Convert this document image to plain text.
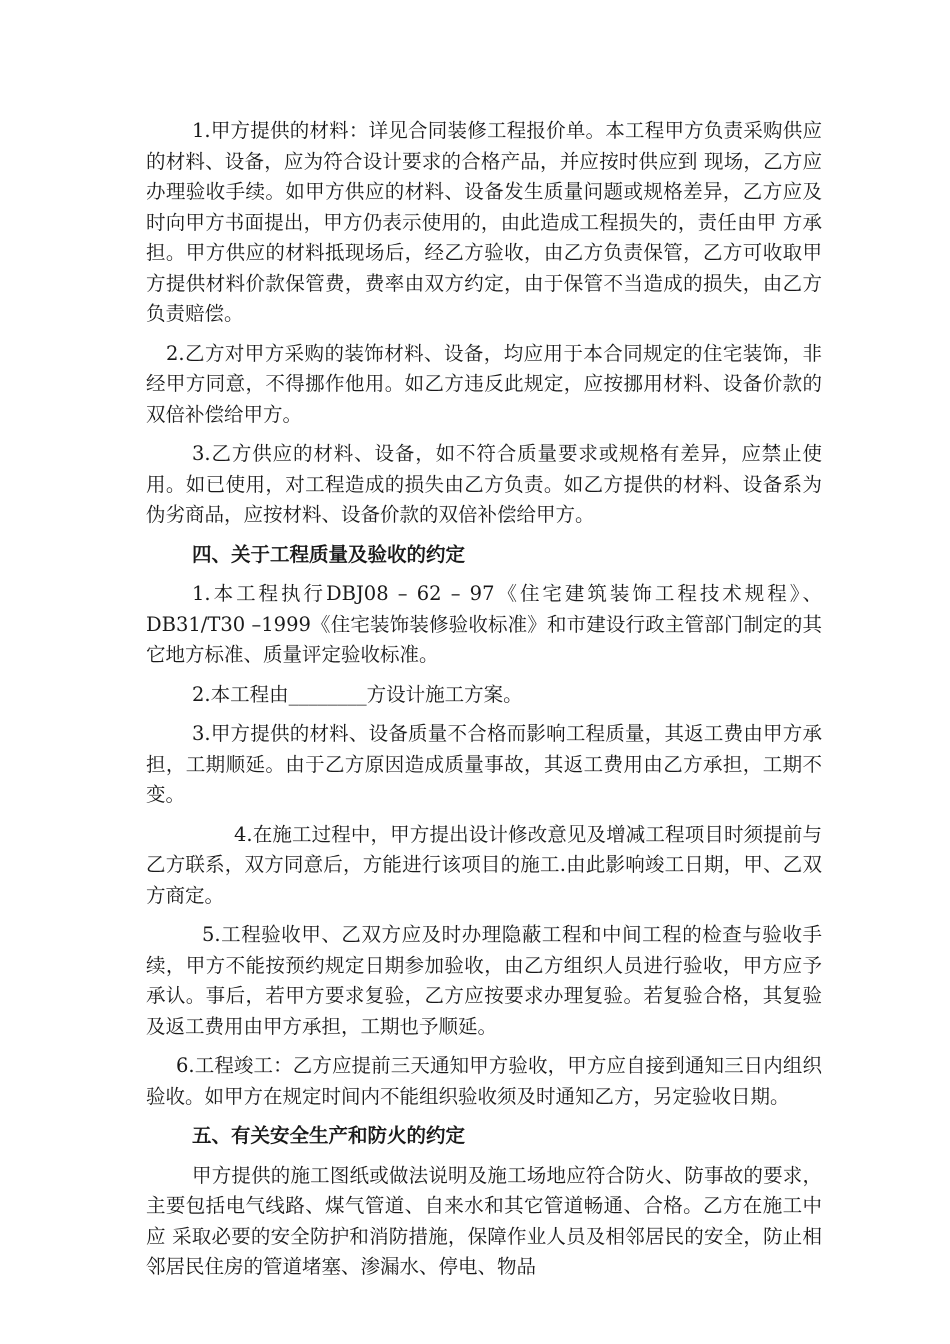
1.甲方提供的材料：详见合同装修工程报价单。本工程甲方负责采购供应的材料、设备，应为符合设计要求的合格产品，并应按时供应到 现场，乙方应办理验收手续。如甲方供应的材料、设备发生质量问题或规格差异，乙方应及时向甲方书面提出，甲方仍表示使用的，由此造成工程损失的，责任由甲 方承担。甲方供应的材料抵现场后，经乙方验收，由乙方负责保管，乙方可收取甲方提供材料价款保管费，费率由双方约定，由于保管不当造成的损失，由乙方负责赔偿。

2.乙方对甲方采购的装饰材料、设备，均应用于本合同规定的住宅装饰，非经甲方同意，不得挪作他用。如乙方违反此规定，应按挪用材料、设备价款的双倍补偿给甲方。

3.乙方供应的材料、设备，如不符合质量要求或规格有差异，应禁止使用。如已使用，对工程造成的损失由乙方负责。如乙方提供的材料、设备系为伪劣商品，应按材料、设备价款的双倍补偿给甲方。

四、关于工程质量及验收的约定

1.本工程执行DBJ08 – 62 – 97《住宅建筑装饰工程技术规程》、DB31/T30 –1999《住宅装饰装修验收标准》和市建设行政主管部门制定的其它地方标准、质量评定验收标准。

2.本工程由________方设计施工方案。

3.甲方提供的材料、设备质量不合格而影响工程质量，其返工费由甲方承担，工期顺延。由于乙方原因造成质量事故，其返工费用由乙方承担，工期不变。

4.在施工过程中，甲方提出设计修改意见及增减工程项目时须提前与乙方联系，双方同意后，方能进行该项目的施工.由此影响竣工日期，甲、乙双方商定。

5.工程验收甲、乙双方应及时办理隐蔽工程和中间工程的检查与验收手续，甲方不能按预约规定日期参加验收，由乙方组织人员进行验收，甲方应予承认。事后，若甲方要求复验，乙方应按要求办理复验。若复验合格，其复验及返工费用由甲方承担，工期也予顺延。

6.工程竣工：乙方应提前三天通知甲方验收，甲方应自接到通知三日内组织验收。如甲方在规定时间内不能组织验收须及时通知乙方，另定验收日期。

五、有关安全生产和防火的约定

甲方提供的施工图纸或做法说明及施工场地应符合防火、防事故的要求，主要包括电气线路、煤气管道、自来水和其它管道畅通、合格。乙方在施工中应 采取必要的安全防护和消防措施，保障作业人员及相邻居民的安全，防止相邻居民住房的管道堵塞、渗漏水、停电、物品
